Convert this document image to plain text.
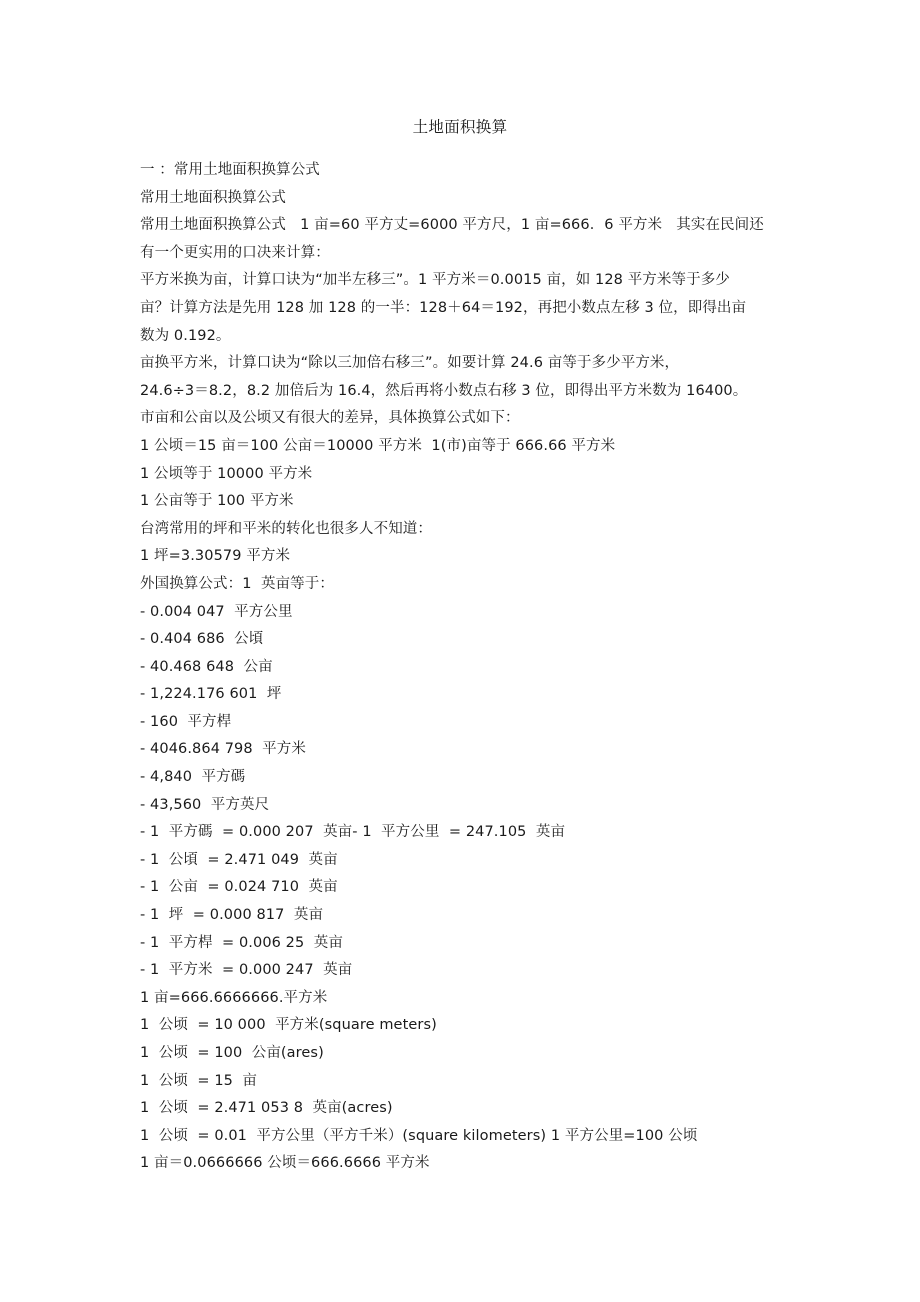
土地面积换算
一 ：常用土地面积换算公式
常用土地面积换算公式
常用土地面积换算公式   1 亩=60 平方丈=6000 平方尺，1 亩=666．6 平方米   其实在民间还
有一个更实用的口决来计算：
平方米换为亩，计算口诀为“加半左移三”。1 平方米＝0.0015 亩，如 128 平方米等于多少
亩？计算方法是先用 128 加 128 的一半：128＋64＝192，再把小数点左移 3 位，即得出亩
数为 0.192。
亩换平方米，计算口诀为“除以三加倍右移三”。如要计算 24.6 亩等于多少平方米，
24.6÷3＝8.2，8.2 加倍后为 16.4，然后再将小数点右移 3 位，即得出平方米数为 16400。
市亩和公亩以及公顷又有很大的差异，具体换算公式如下：
1 公顷＝15 亩＝100 公亩＝10000 平方米  1(市)亩等于 666.66 平方米
1 公顷等于 10000 平方米
1 公亩等于 100 平方米
台湾常用的坪和平米的转化也很多人不知道：
1 坪=3.30579 平方米
外国换算公式：1  英亩等于：
- 0.004 047  平方公里
- 0.404 686  公頃
- 40.468 648  公亩
- 1,224.176 601  坪
- 160  平方桿
- 4046.864 798  平方米
- 4,840  平方碼
- 43,560  平方英尺
- 1  平方碼  = 0.000 207  英亩- 1  平方公里  = 247.105  英亩
- 1  公頃  = 2.471 049  英亩
- 1  公亩  = 0.024 710  英亩
- 1  坪  = 0.000 817  英亩
- 1  平方桿  = 0.006 25  英亩
- 1  平方米  = 0.000 247  英亩
1 亩=666.6666666.平方米
1  公顷  = 10 000  平方米(square meters)
1  公顷  = 100  公亩(ares)
1  公顷  = 15  亩
1  公顷  = 2.471 053 8  英亩(acres)
1  公顷  = 0.01  平方公里（平方千米）(square kilometers) 1 平方公里=100 公顷
1 亩＝0.0666666 公顷＝666.6666 平方米
